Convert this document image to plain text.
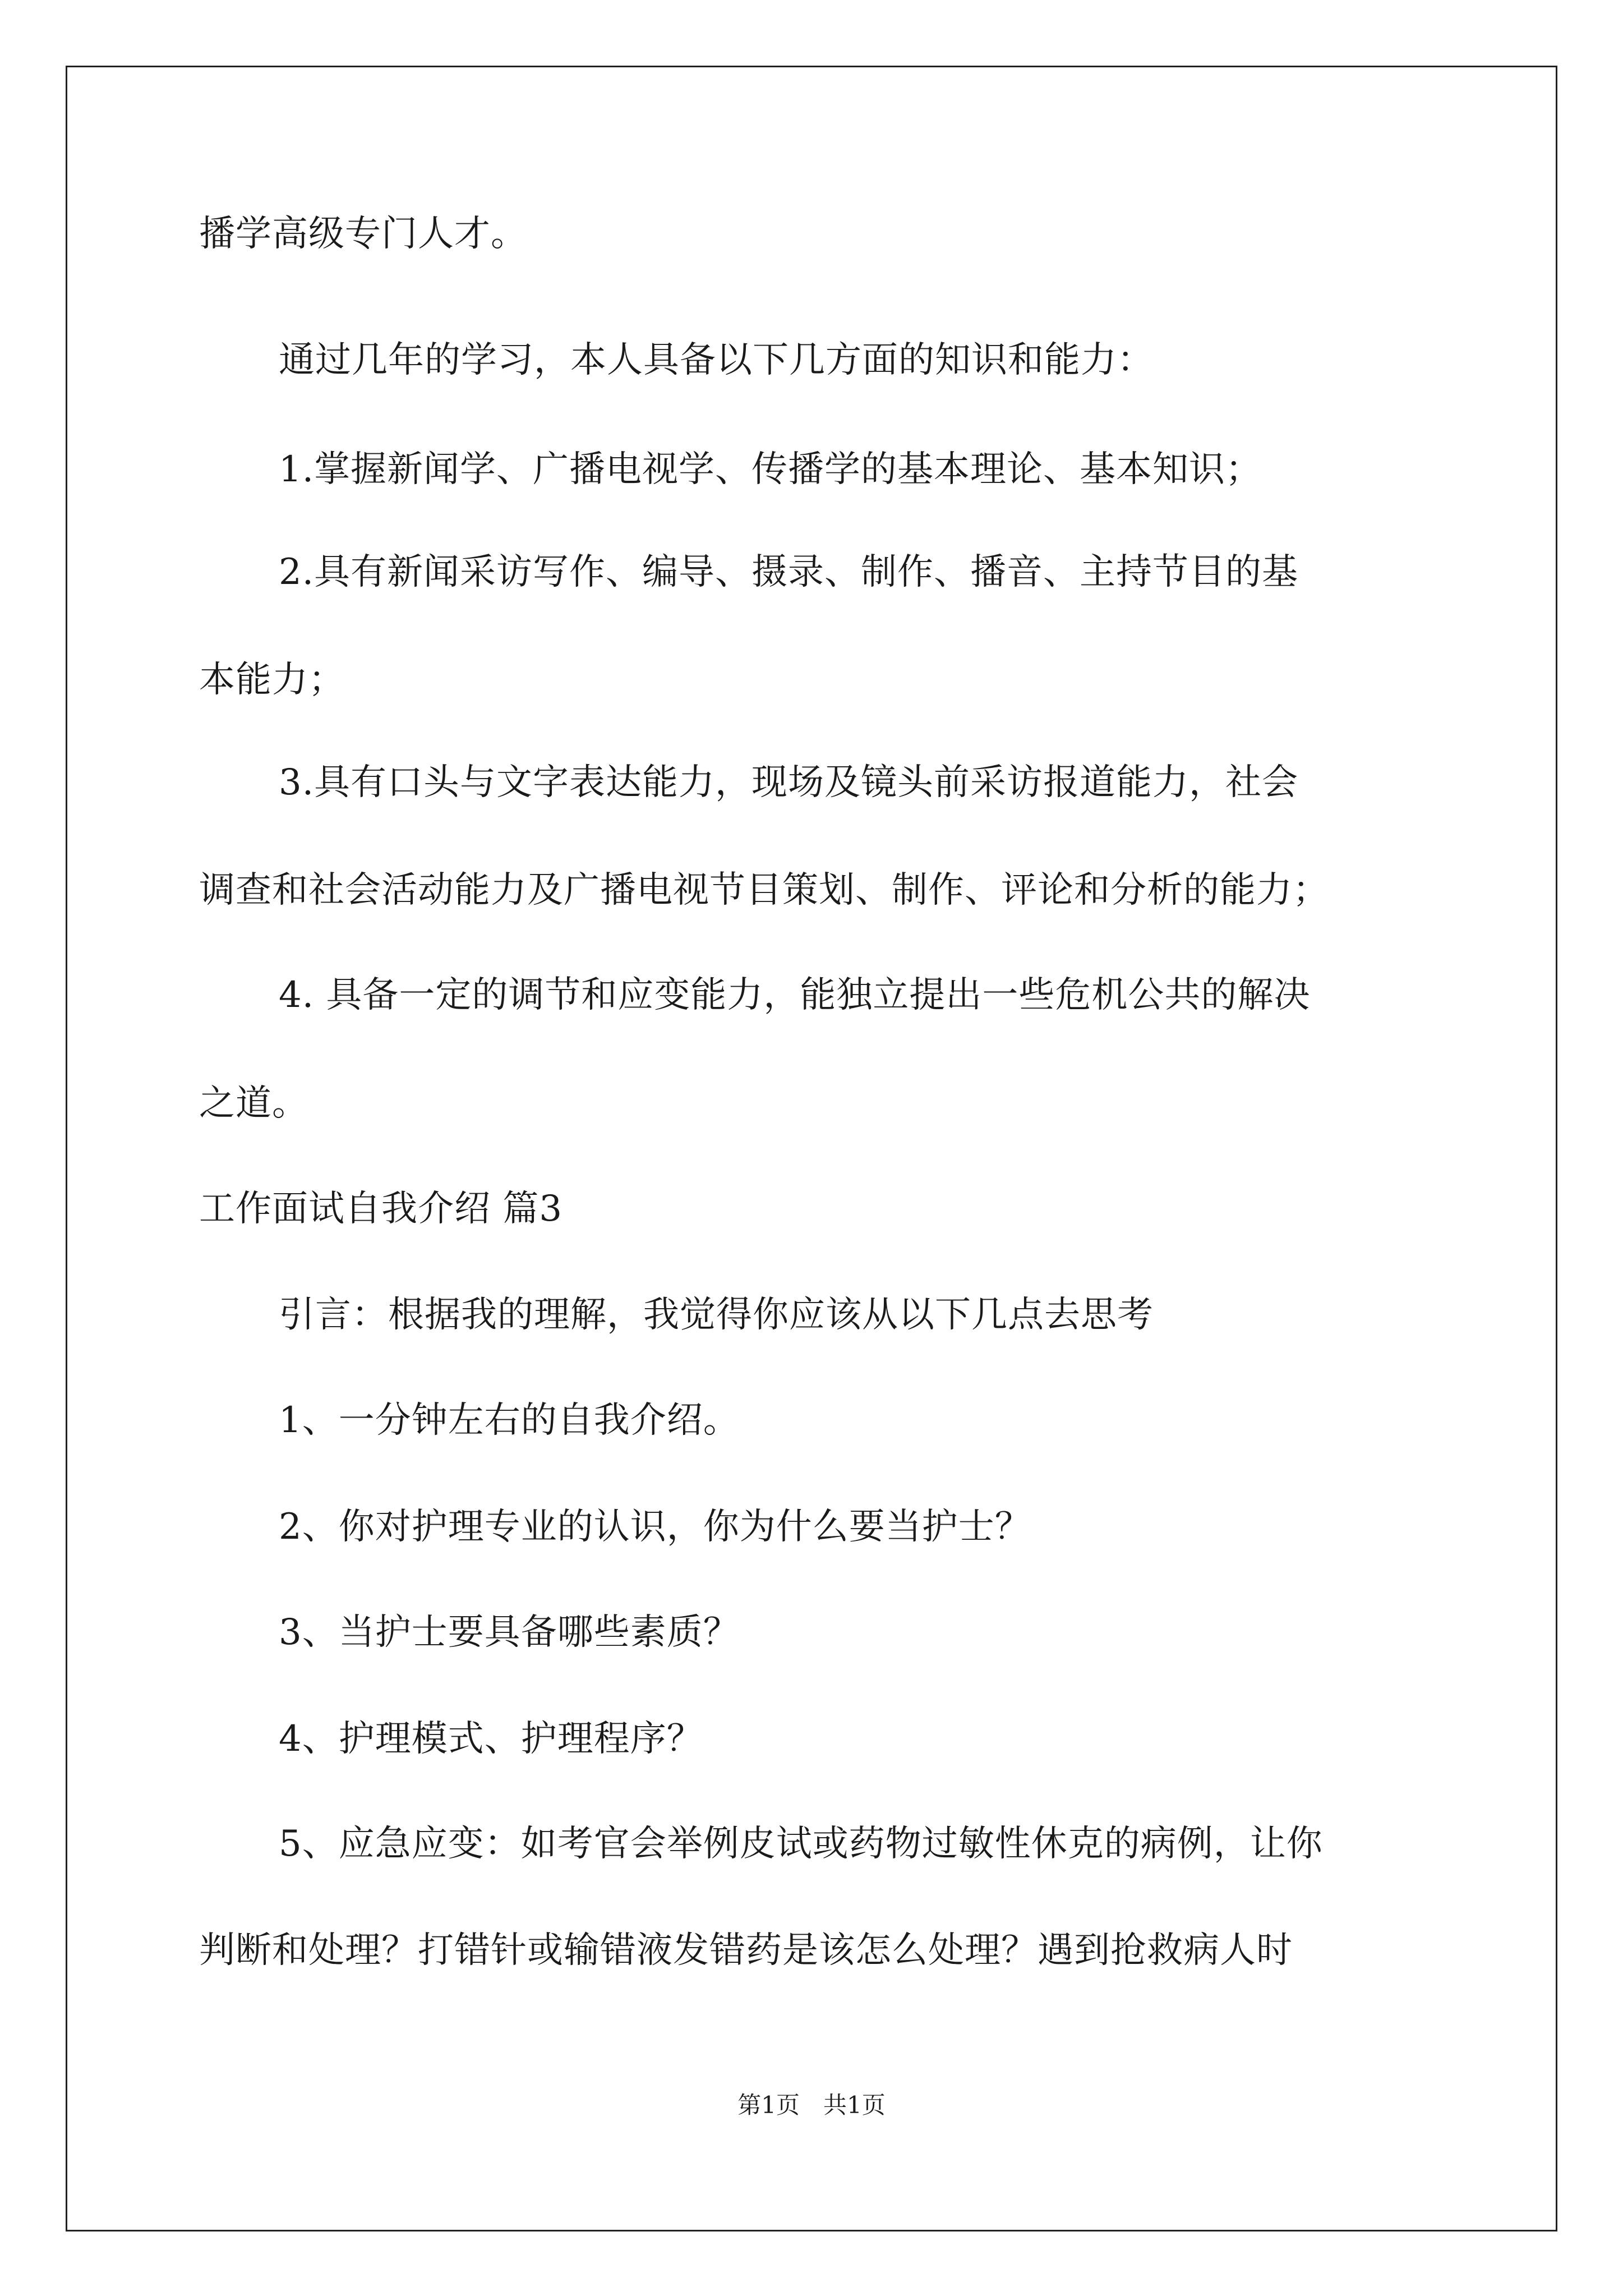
播学高级专门人才。
通过几年的学习，本人具备以下几方面的知识和能力：
1.掌握新闻学、广播电视学、传播学的基本理论、基本知识；
2.具有新闻采访写作、编导、摄录、制作、播音、主持节目的基
本能力；
3.具有口头与文字表达能力，现场及镜头前采访报道能力，社会
调查和社会活动能力及广播电视节目策划、制作、评论和分析的能力；
4. 具备一定的调节和应变能力，能独立提出一些危机公共的解决
之道。
工作面试自我介绍 篇3
引言：根据我的理解，我觉得你应该从以下几点去思考
1、一分钟左右的自我介绍。
2、你对护理专业的认识，你为什么要当护士？
3、当护士要具备哪些素质？
4、护理模式、护理程序？
5、应急应变：如考官会举例皮试或药物过敏性休克的病例，让你
判断和处理？打错针或输错液发错药是该怎么处理？遇到抢救病人时
第1页　共1页
